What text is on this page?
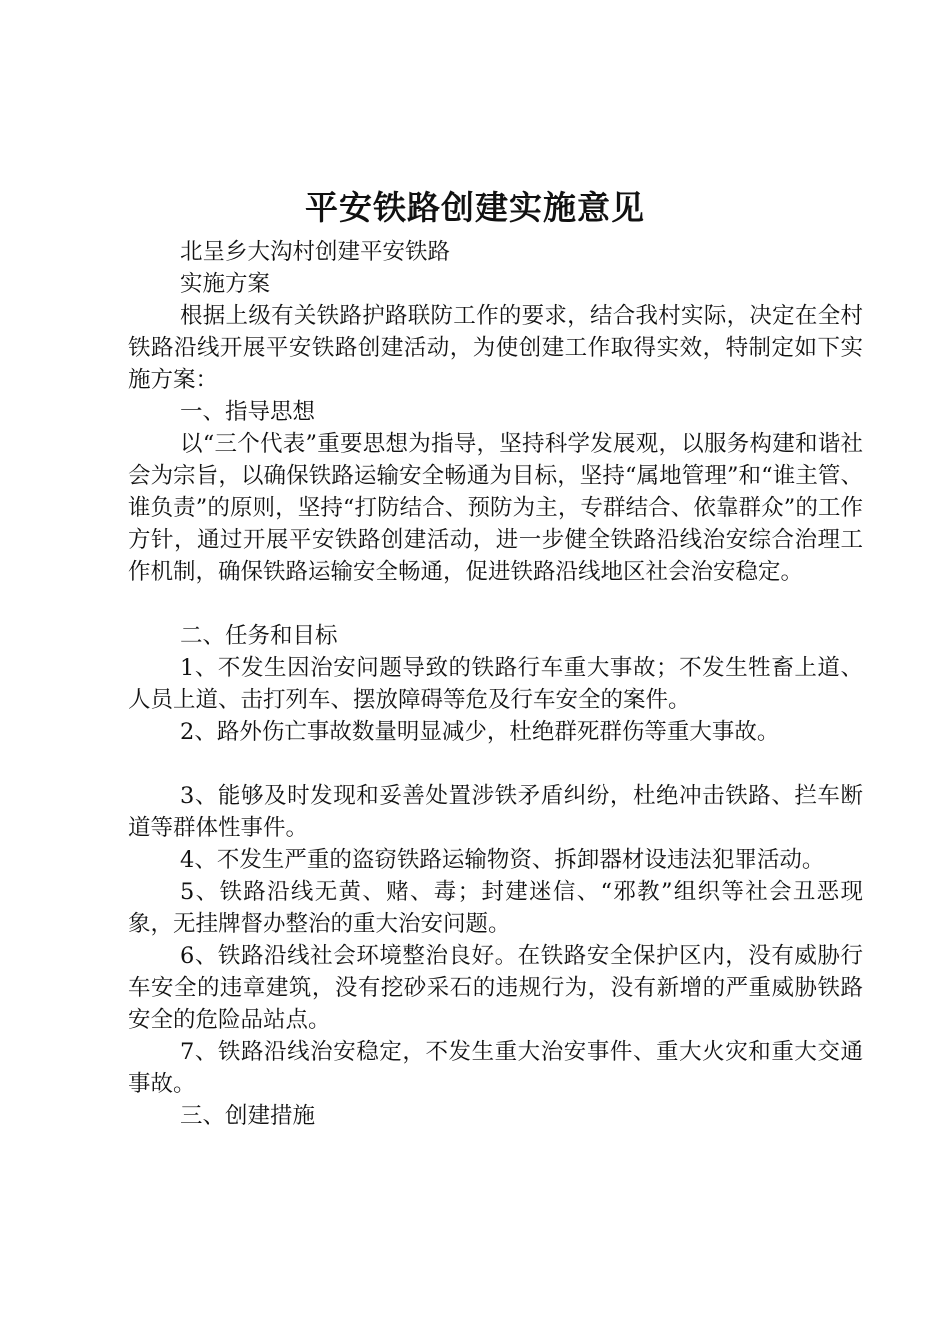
平安铁路创建实施意见

北呈乡大沟村创建平安铁路

实施方案

根据上级有关铁路护路联防工作的要求，结合我村实际，决定在全村铁路沿线开展平安铁路创建活动，为使创建工作取得实效，特制定如下实施方案：

一、指导思想

以“三个代表”重要思想为指导，坚持科学发展观，以服务构建和谐社会为宗旨，以确保铁路运输安全畅通为目标，坚持“属地管理”和“谁主管、谁负责”的原则，坚持“打防结合、预防为主，专群结合、依靠群众”的工作方针，通过开展平安铁路创建活动，进一步健全铁路沿线治安综合治理工作机制，确保铁路运输安全畅通，促进铁路沿线地区社会治安稳定。

二、任务和目标

1、不发生因治安问题导致的铁路行车重大事故；不发生牲畜上道、人员上道、击打列车、摆放障碍等危及行车安全的案件。

2、路外伤亡事故数量明显减少，杜绝群死群伤等重大事故。

3、能够及时发现和妥善处置涉铁矛盾纠纷，杜绝冲击铁路、拦车断道等群体性事件。

4、不发生严重的盗窃铁路运输物资、拆卸器材设违法犯罪活动。

5、铁路沿线无黄、赌、毒；封建迷信、“邪教”组织等社会丑恶现象，无挂牌督办整治的重大治安问题。

6、铁路沿线社会环境整治良好。在铁路安全保护区内，没有威胁行车安全的违章建筑，没有挖砂采石的违规行为，没有新增的严重威胁铁路安全的危险品站点。

7、铁路沿线治安稳定，不发生重大治安事件、重大火灾和重大交通事故。

三、创建措施
